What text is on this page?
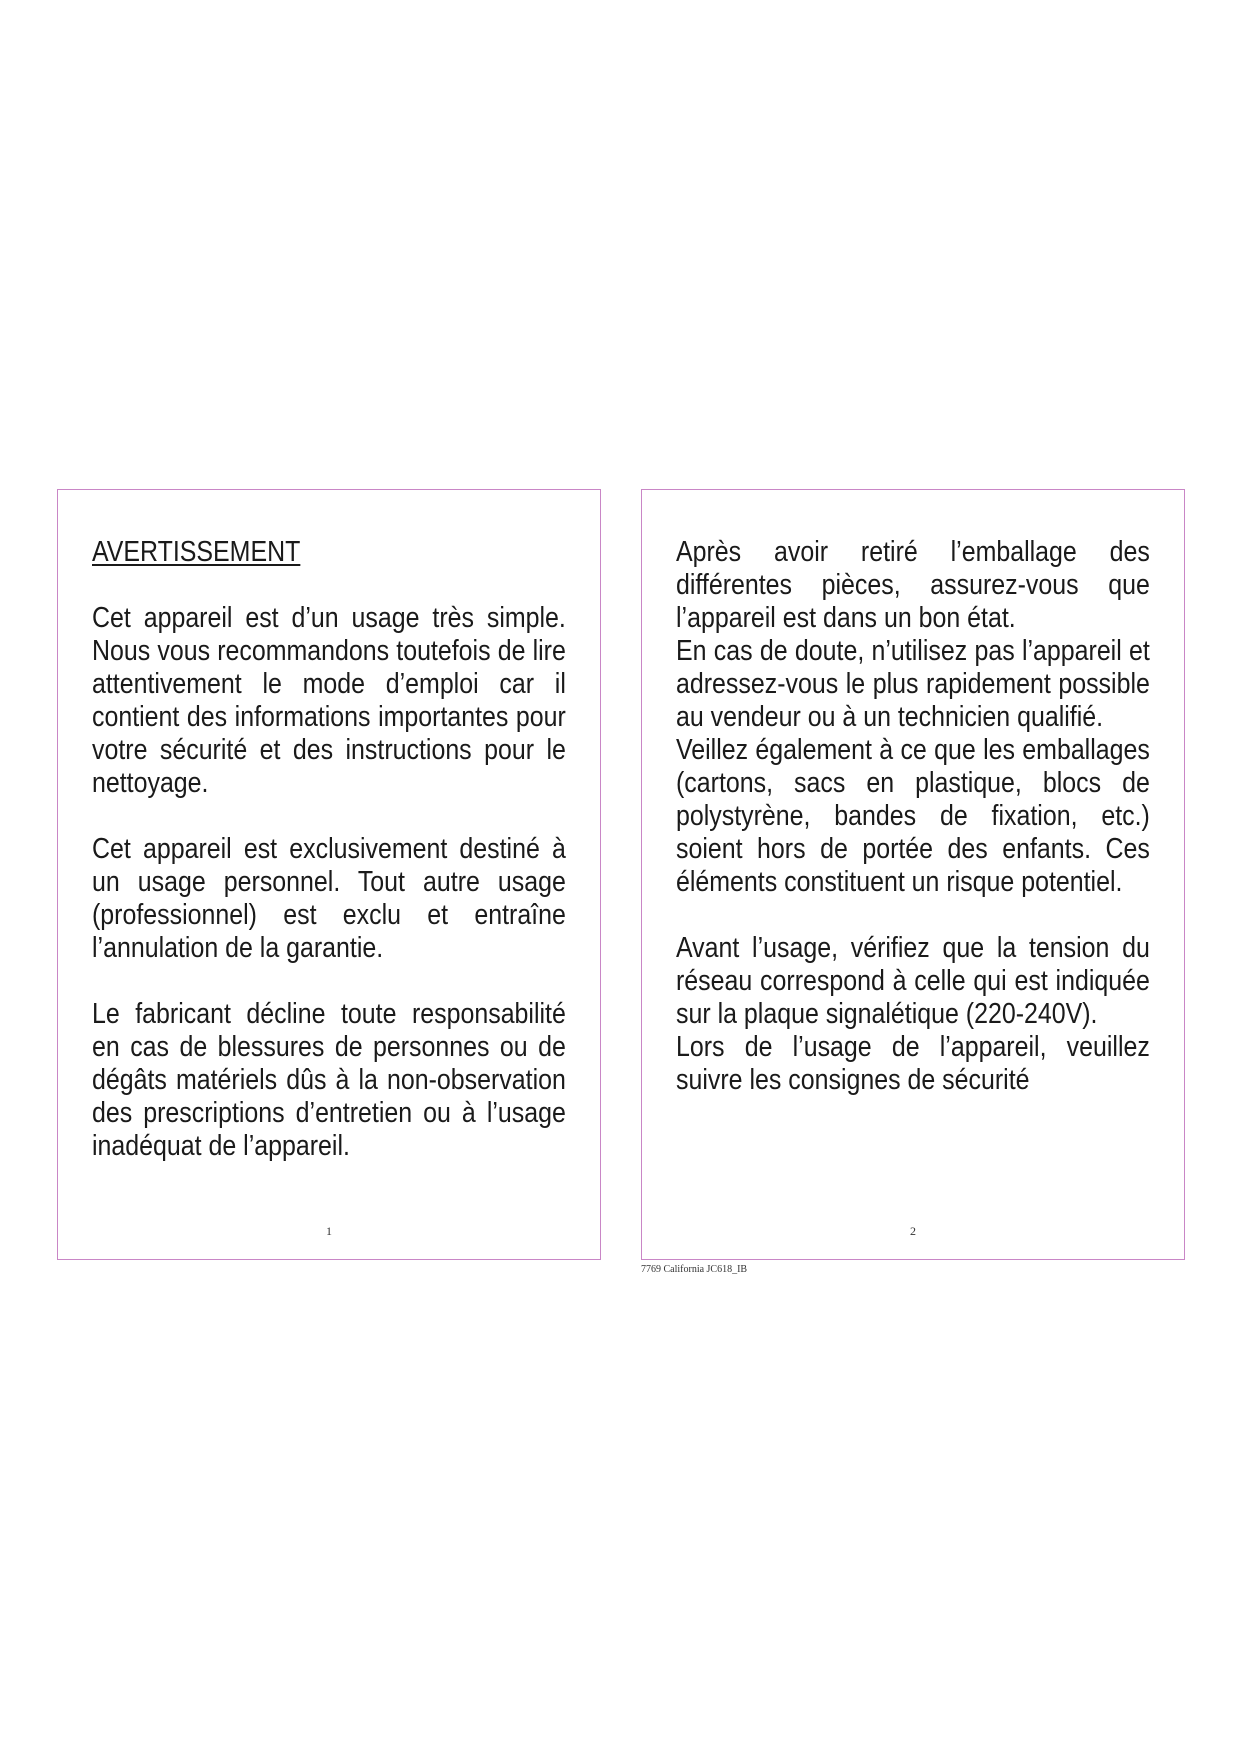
AVERTISSEMENT

Cet appareil est d’un usage très simple. Nous vous recommandons toutefois de lire attentivement le mode d’emploi car il contient des informations importantes pour votre sécurité et des instructions pour le nettoyage.

Cet appareil est exclusivement destiné à un usage personnel. Tout autre usage (professionnel) est exclu et entraîne l’annulation de la garantie.

Le fabricant décline toute responsabilité en cas de blessures de personnes ou de dégâts matériels dûs à la non-observation des prescriptions d’entretien ou à l’usage inadéquat de l’appareil.

1

Après avoir retiré l’emballage des différentes pièces, assurez-vous que l’appareil est dans un bon état.

En cas de doute, n’utilisez pas l’appareil et adressez-vous le plus rapidement possible au vendeur ou à un technicien qualifié.

Veillez également à ce que les emballages (cartons, sacs en plastique, blocs de polystyrène, bandes de fixation, etc.) soient hors de portée des enfants. Ces éléments constituent un risque potentiel.

Avant l’usage, vérifiez que la tension du réseau correspond à celle qui est indiquée sur la plaque signalétique (220-240V).

Lors de l’usage de l’appareil, veuillez suivre les consignes de sécurité

2
7769 California JC618_IB
